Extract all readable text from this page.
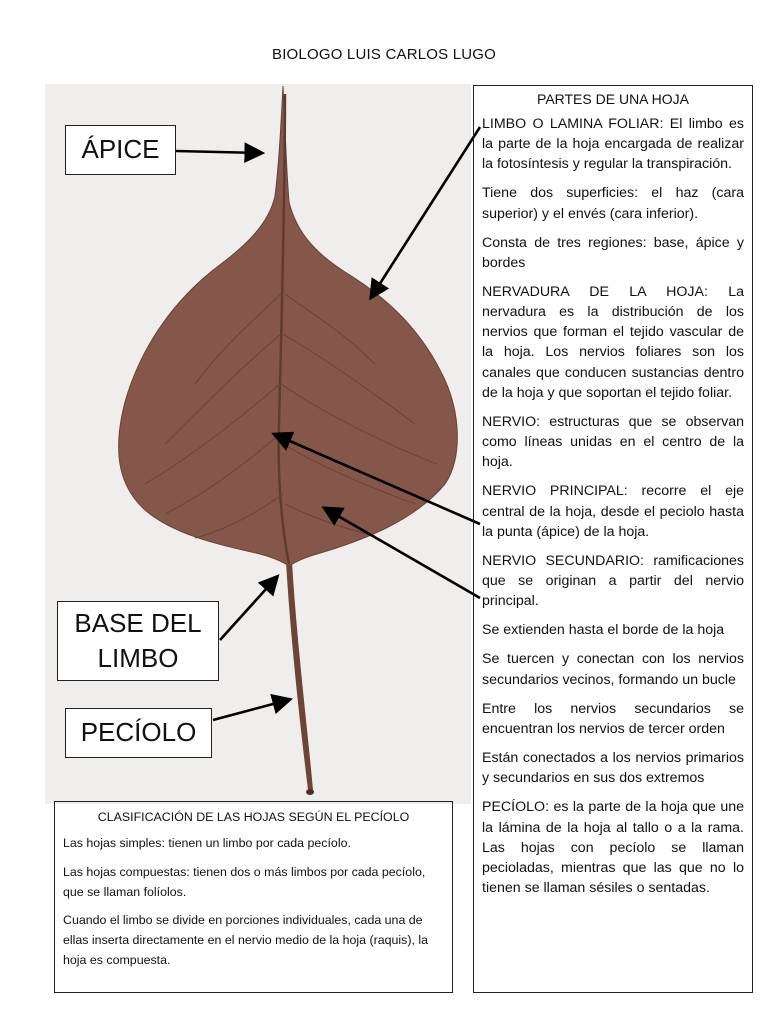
BIOLOGO LUIS CARLOS LUGO
ÁPICE
BASE DEL
LIMBO
PECÍOLO
PARTES DE UNA HOJA

LIMBO O LAMINA FOLIAR: El limbo es la parte de la hoja encargada de realizar la fotosíntesis y regular la transpiración.

Tiene dos superficies: el haz (cara superior) y el envés (cara inferior).

Consta de tres regiones: base, ápice y bordes

NERVADURA DE LA HOJA: La nervadura es la distribución de los nervios que forman el tejido vascular de la hoja. Los nervios foliares son los canales que conducen sustancias dentro de la hoja y que soportan el tejido foliar.

NERVIO: estructuras que se observan como líneas unidas en el centro de la hoja.

NERVIO PRINCIPAL: recorre el eje central de la hoja, desde el peciolo hasta la punta (ápice) de la hoja.

NERVIO SECUNDARIO: ramificaciones que se originan a partir del nervio principal.

Se extienden hasta el borde de la hoja

Se tuercen y conectan con los nervios secundarios vecinos, formando un bucle

Entre los nervios secundarios se encuentran los nervios de tercer orden

Están conectados a los nervios primarios y secundarios en sus dos extremos

PECÍOLO: es la parte de la hoja que une la lámina de la hoja al tallo o a la rama. Las hojas con pecíolo se llaman pecioladas, mientras que las que no lo tienen se llaman sésiles o sentadas.

CLASIFICACIÓN DE LAS HOJAS SEGÚN EL PECÍOLO

Las hojas simples: tienen un limbo por cada pecíolo.

Las hojas compuestas: tienen dos o más limbos por cada pecíolo, que se llaman folíolos.

Cuando el limbo se divide en porciones individuales, cada una de ellas inserta directamente en el nervio medio de la hoja (raquis), la hoja es compuesta.
